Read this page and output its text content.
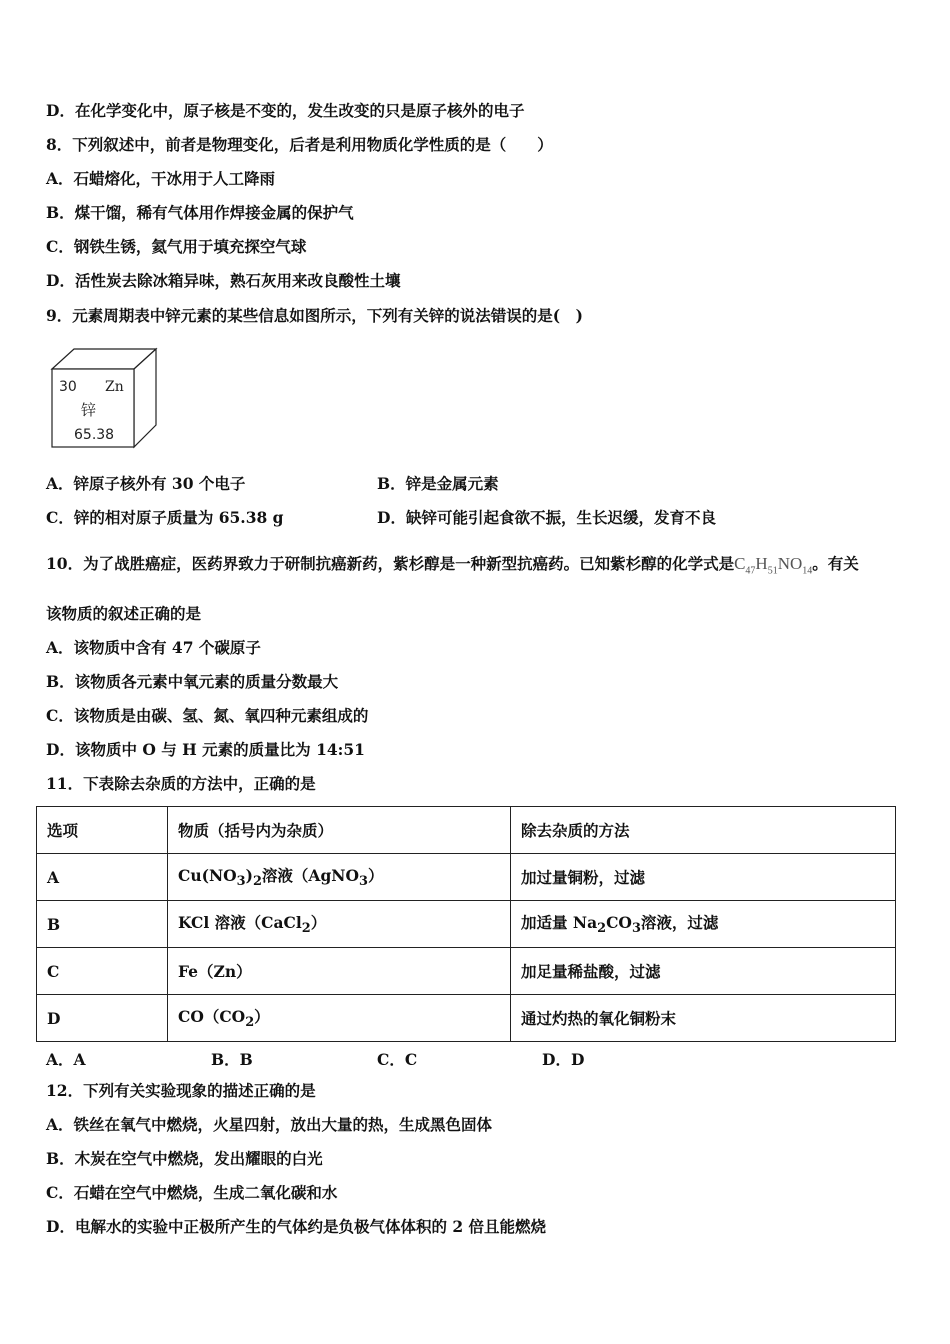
D．在化学变化中，原子核是不变的，发生改变的只是原子核外的电子
8．下列叙述中，前者是物理变化，后者是利用物质化学性质的是（　　）
A．石蜡熔化，干冰用于人工降雨
B．煤干馏，稀有气体用作焊接金属的保护气
C．钢铁生锈，氦气用于填充探空气球
D．活性炭去除冰箱异味，熟石灰用来改良酸性土壤
9．元素周期表中锌元素的某些信息如图所示，下列有关锌的说法错误的是(　)
30 Zn
锌
65.38
A．锌原子核外有 30 个电子	B．锌是金属元素
C．锌的相对原子质量为 65.38 g	D．缺锌可能引起食欲不振，生长迟缓，发育不良
10．为了战胜癌症，医药界致力于研制抗癌新药，紫杉醇是一种新型抗癌药。已知紫杉醇的化学式是$C_{47}H_{51}NO_{14}$。有关
该物质的叙述正确的是
A．该物质中含有 47 个碳原子
B．该物质各元素中氧元素的质量分数最大
C．该物质是由碳、氢、氮、氧四种元素组成的
D．该物质中 O 与 H 元素的质量比为 14:51
11．下表除去杂质的方法中，正确的是
选项	物质（括号内为杂质）	除去杂质的方法
A	$Cu(NO_3)_2$溶液（AgNO$_3$）	加过量铜粉，过滤
B	KCl 溶液（CaCl$_2$）	加适量 $Na_2CO_3$溶液，过滤
C	Fe（Zn）	加足量稀盐酸，过滤
D	$CO(CO_2)$	通过灼热的氧化铜粉末
A．A	B．B	C．C	D．D
12．下列有关实验现象的描述正确的是
A．铁丝在氧气中燃烧，火星四射，放出大量的热，生成黑色固体
B．木炭在空气中燃烧，发出耀眼的白光
C．石蜡在空气中燃烧，生成二氧化碳和水
D．电解水的实验中正极所产生的气体约是负极气体体积的 2 倍且能燃烧
